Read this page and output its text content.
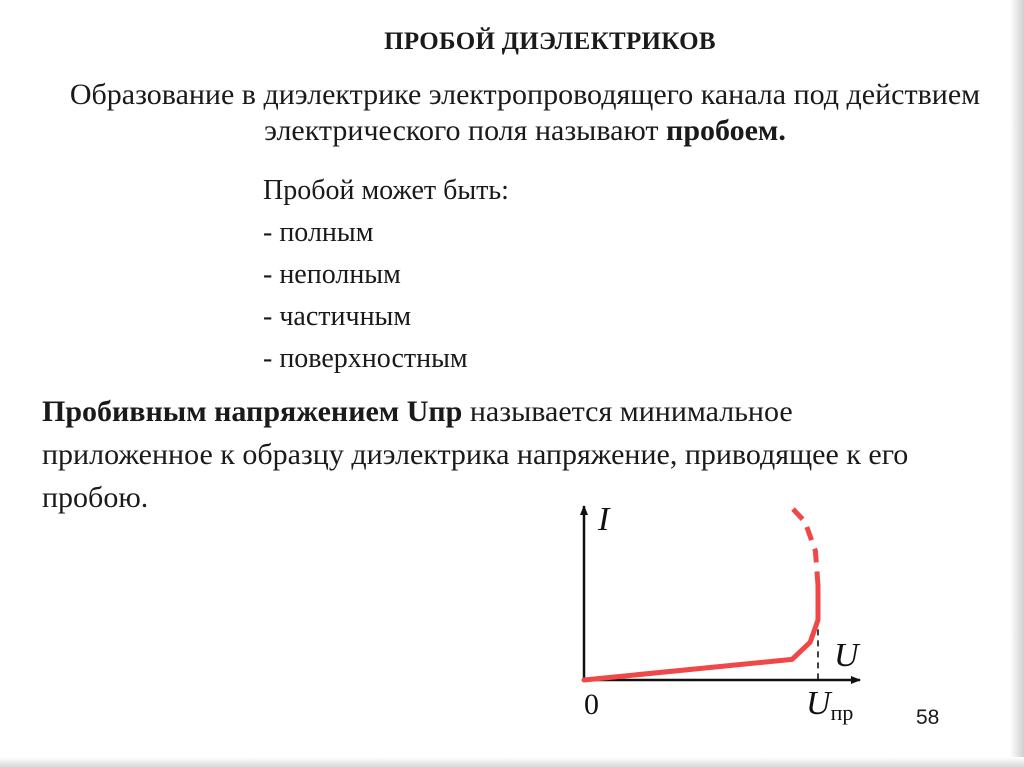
ПРОБОЙ ДИЭЛЕКТРИКОВ
Образование в диэлектрике электропроводящего канала под действием электрического поля называют пробоем.
Пробой может быть:
- полным
- неполным
- частичным
- поверхностным
Пробивным напряжением Uпр называется минимальное приложенное к образцу диэлектрика напряжение, приводящее к его пробою.
I
U
0	Uпр	58
